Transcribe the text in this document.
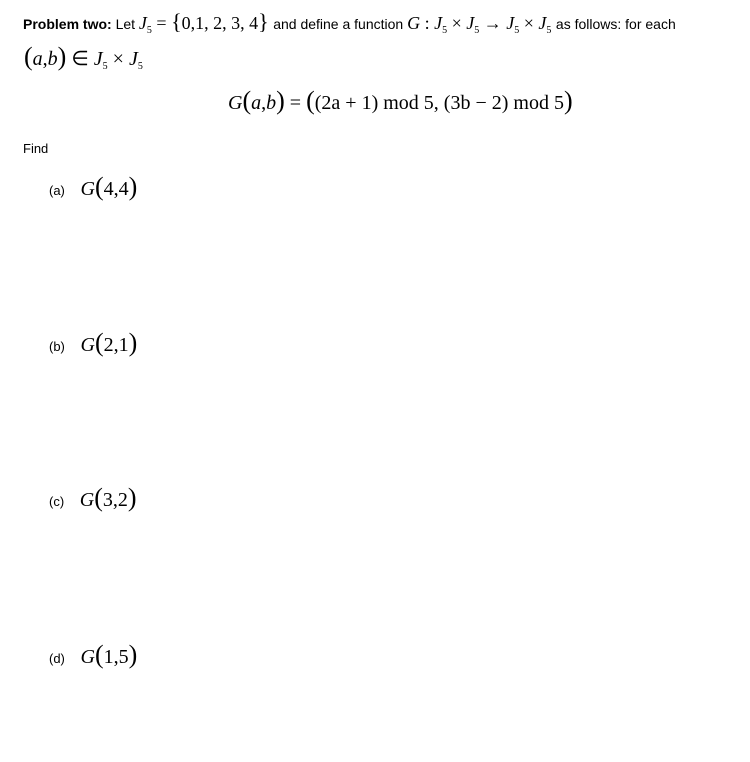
Problem two: Let $J_5 = \{0,1$, 2, 3, 4} and define a function G : $J_5 \times J_5 \to J_5 \times J_5$ as follows: for each
(a,b) ∈ $J_5 \times J_5$
G(a,b) = ((2a + 1) mod 5, (3b − 2) mod 5)
Find
(a) G(4,4)
(b) G(2,1)
(c) G(3,2)
(d) G(1,5)
